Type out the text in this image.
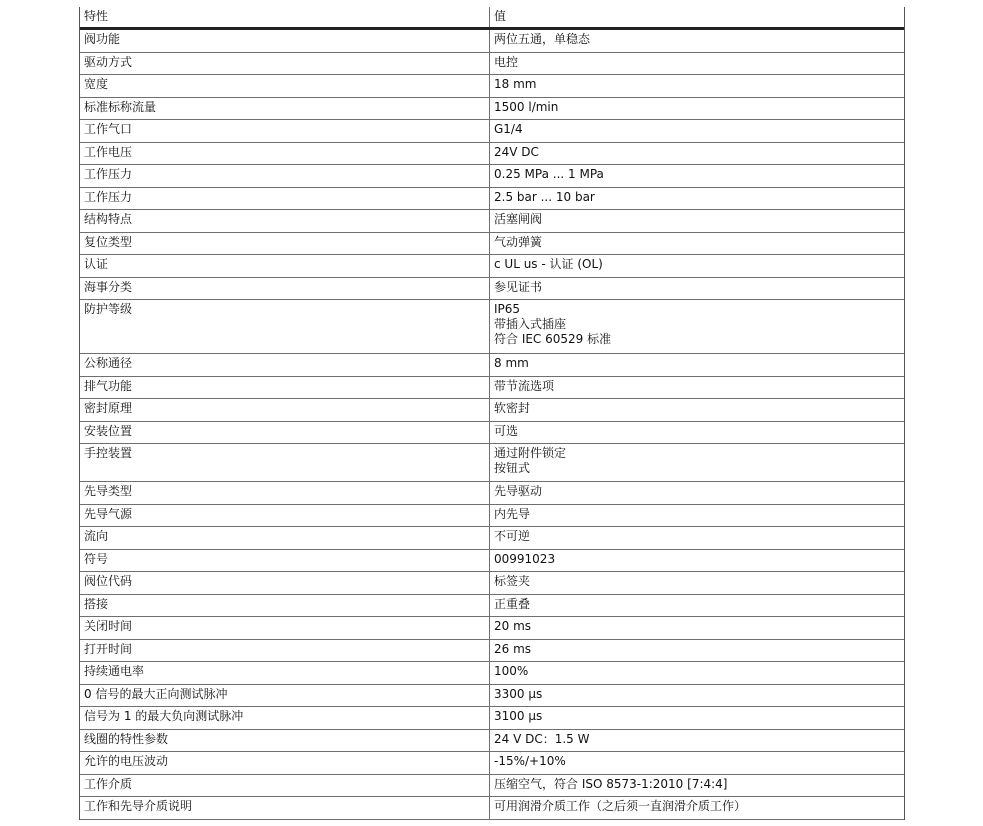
特性	值
阀功能	两位五通，单稳态
驱动方式	电控
宽度	18 mm
标准标称流量	1500 l/min
工作气口	G1/4
工作电压	24V DC
工作压力	0.25 MPa ... 1 MPa
工作压力	2.5 bar ... 10 bar
结构特点	活塞闸阀
复位类型	气动弹簧
认证	c UL us - 认证 (OL)
海事分类	参见证书
防护等级	IP65
带插入式插座
符合 IEC 60529 标准
公称通径	8 mm
排气功能	带节流选项
密封原理	软密封
安装位置	可选
手控装置	通过附件锁定
按钮式
先导类型	先导驱动
先导气源	内先导
流向	不可逆
符号	00991023
阀位代码	标签夹
搭接	正重叠
关闭时间	20 ms
打开时间	26 ms
持续通电率	100%
0 信号的最大正向测试脉冲	3300 µs
信号为 1 的最大负向测试脉冲	3100 µs
线圈的特性参数	24 V DC：1.5 W
允许的电压波动	-15%/+10%
工作介质	压缩空气，符合 ISO 8573-1:2010 [7:4:4]
工作和先导介质说明	可用润滑介质工作（之后须一直润滑介质工作）
